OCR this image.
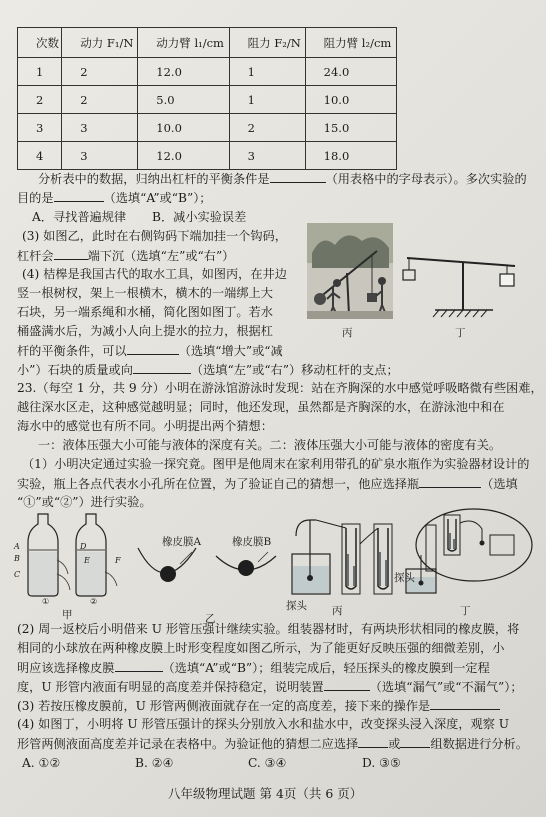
次数	动力 F₁/N	动力臂 l₁/cm	阻力 F₂/N	阻力臂 l₂/cm
1	2	12.0	1	24.0
2	2	5.0	1	10.0
3	3	10.0	2	15.0
4	3	12.0	3	18.0
分析表中的数据，归纳出杠杆的平衡条件是	（用表格中的字母表示）。多次实验的
目的是	（选填“A”或“B”）；
A．寻找普遍规律 B．减小实验误差
(3) 如图乙，此时在右侧钩码下端加挂一个钩码，
杠杆会	端下沉（选填“左”或“右”）
(4) 桔槔是我国古代的取水工具，如图丙，在井边
竖一根树杈，架上一根横木，横木的一端绑上大
石块，另一端系绳和水桶，简化图如图丁。若水
桶盛满水后，为减小人向上提水的拉力，根据杠
杆的平衡条件，可以	（选填“增大”或“减
小”）石块的质量或向	（选填“左”或“右”）移动杠杆的支点；
丙	丁
23.（每空 1 分，共 9 分）小明在游泳馆游泳时发现：站在齐胸深的水中感觉呼吸略微有些困难，
越往深水区走，这种感觉越明显；同时，他还发现，虽然都是齐胸深的水，在游泳池中和在
海水中的感觉也有所不同。小明提出两个猜想：
一：液体压强大小可能与液体的深度有关。二：液体压强大小可能与液体的密度有关。
（1）小明决定通过实验一探究竟。图甲是他周末在家利用带孔的矿泉水瓶作为实验器材设计的
实验，瓶上各点代表水小孔所在位置，为了验证自己的猜想一，他应选择瓶	（选填
“①”或“②”）进行实验。
A
B
C
D
E	F
①	②
甲
橡皮膜A	橡皮膜B
乙
探头 丙
探头
丁
(2) 周一返校后小明借来 U 形管压强计继续实验。组装器材时，有两块形状相同的橡皮膜，将
相同的小球放在两种橡皮膜上时形变程度如图乙所示，为了能更好反映压强的细微差别，小
明应该选择橡皮膜	（选填“A”或“B”）；组装完成后，轻压探头的橡皮膜到一定程
度，U 形管内液面有明显的高度差并保持稳定，说明装置	（选填“漏气”或“不漏气”）；
(3) 若按压橡皮膜前，U 形管两侧液面就存在一定的高度差，接下来的操作是
(4) 如图丁，小明将 U 形管压强计的探头分别放入水和盐水中，改变探头浸入深度，观察 U
形管两侧液面高度差并记录在表格中。为验证他的猜想二应选择 或 组数据进行分析。
A. ①②	B. ②④	C. ③④	D. ③⑤
八年级物理试题 第 4页（共 6 页）
